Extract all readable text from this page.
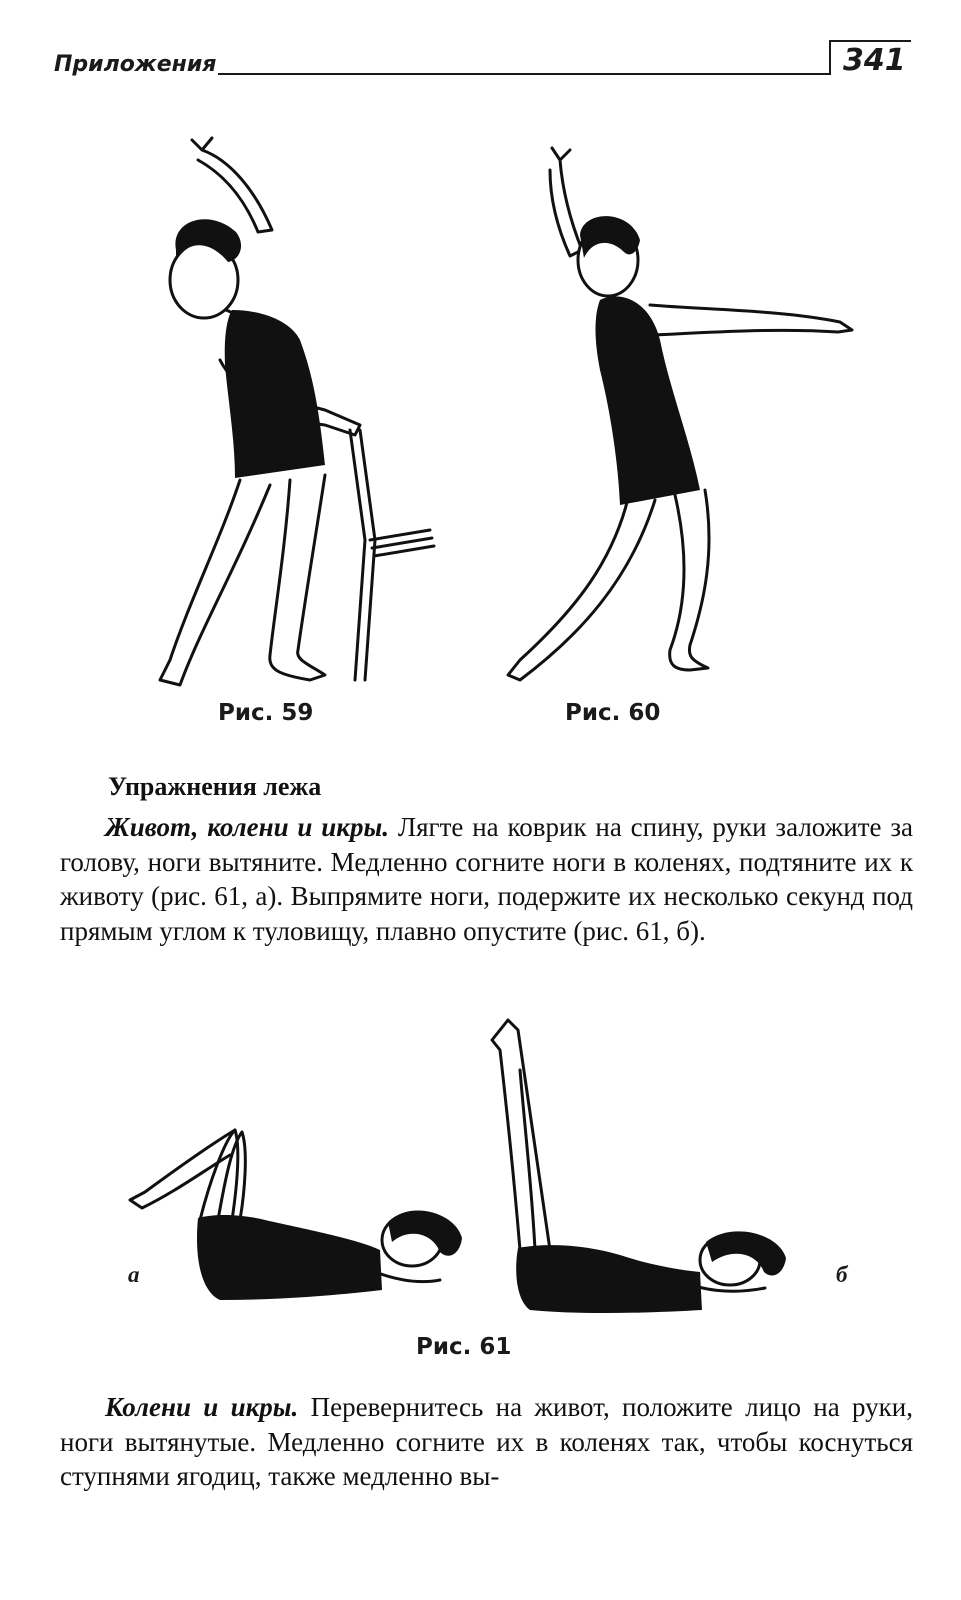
Приложения	341
Рис. 59	Рис. 60
Упражнения лежа
Живот, колени и икры. Лягте на коврик на спину, руки заложите за голову, ноги вытяните. Медленно согните ноги в коленях, подтяните их к животу (рис. 61, а). Выпрямите ноги, подержите их несколько секунд под прямым углом к туловищу, плавно опустите (рис. 61, б).
а	б
Рис. 61
Колени и икры. Перевернитесь на живот, положите лицо на руки, ноги вытянутые. Медленно согните их в коленях так, чтобы коснуться ступнями ягодиц, также медленно вы-
